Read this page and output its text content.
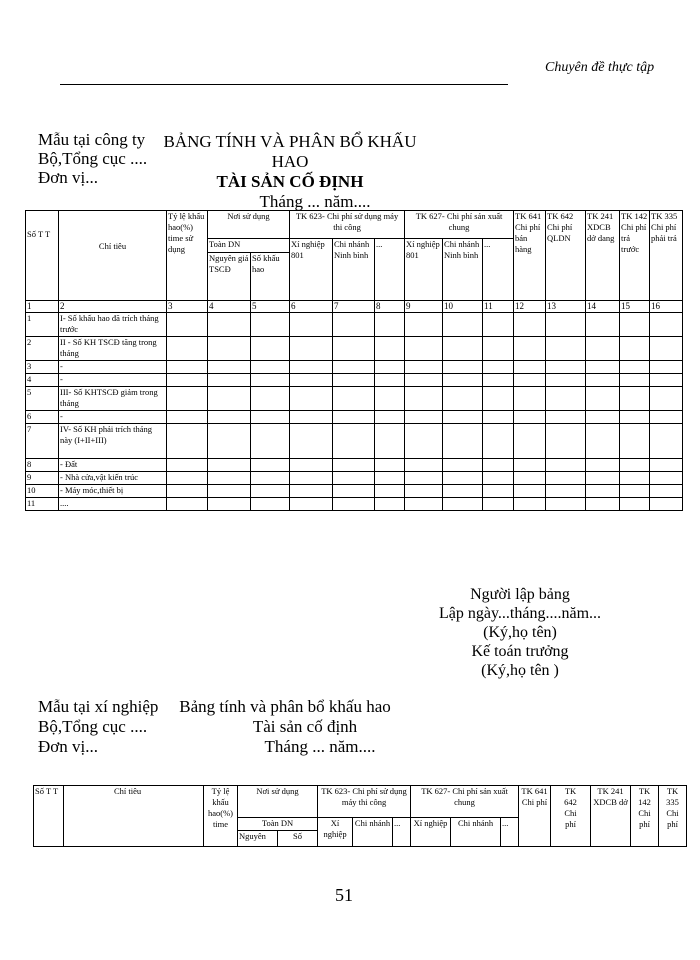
Chuyên đề thực tập
Mẫu tại công ty
Bộ,Tổng cục ....
Đơn vị...
BẢNG TÍNH VÀ PHÂN BỔ KHẤU HAO
TÀI SẢN CỐ ĐỊNH
Tháng ... năm....
Số T T	Chỉ tiêu	Tỷ lệ khấu hao(%) time sử dụng	Nơi sử dụng		TK 623- Chi phí sử dụng máy thi công			TK 627- Chi phí sản xuất chung			TK 641 Chi phí bán hàng	TK 642 Chi phí QLDN	TK 241 XDCB dở dang	TK 142 Chi phí trả trước	TK 335 Chi phí phải trả
			Toàn DN		Xí nghiệp 801	Chi nhánh Ninh bình	...	Xí nghiệp 801	Chi nhánh Ninh bình	...					
			Nguyên giá TSCĐ	Số khấu hao											
1	2	3	4	5	6	7	8	9	10	11	12	13	14	15	16
1	I- Số khấu hao đã trích tháng trước														
2	II - Số KH TSCĐ tăng trong tháng														
3	-														
4	-														
5	III- Số KHTSCĐ giảm trong tháng														
6	-														
7	IV- Số KH phải trích tháng này (I+II+III)														
8	- Đất														
9	- Nhà cửa,vật kiến trúc														
10	- Máy móc,thiết bị														
11	....														
Người lập bảng
Lập ngày...tháng....năm...
(Ký,họ tên)
Kế toán trưởng
(Ký,họ tên )
Mẫu tại xí nghiệp
Bộ,Tổng cục ....
Đơn vị...
Bảng tính và phân bổ khấu hao
Tài sản cố định
Tháng ... năm....
Số T T	Chỉ tiêu	Tỷ lệ khấu hao(%) time	Nơi sử dụng		TK 623- Chi phí sử dụng máy thi công			TK 627- Chi phí sản xuất chung			TK 641 Chi phí	TK 642 Chi phí	TK 241 XDCB dở	TK 142 Chi phí	TK 335 Chi phí
			Toàn DN		Xí nghiệp	Chi nhánh	...	Xí nghiệp	Chi nhánh	...					
			Nguyên	Số											
51
